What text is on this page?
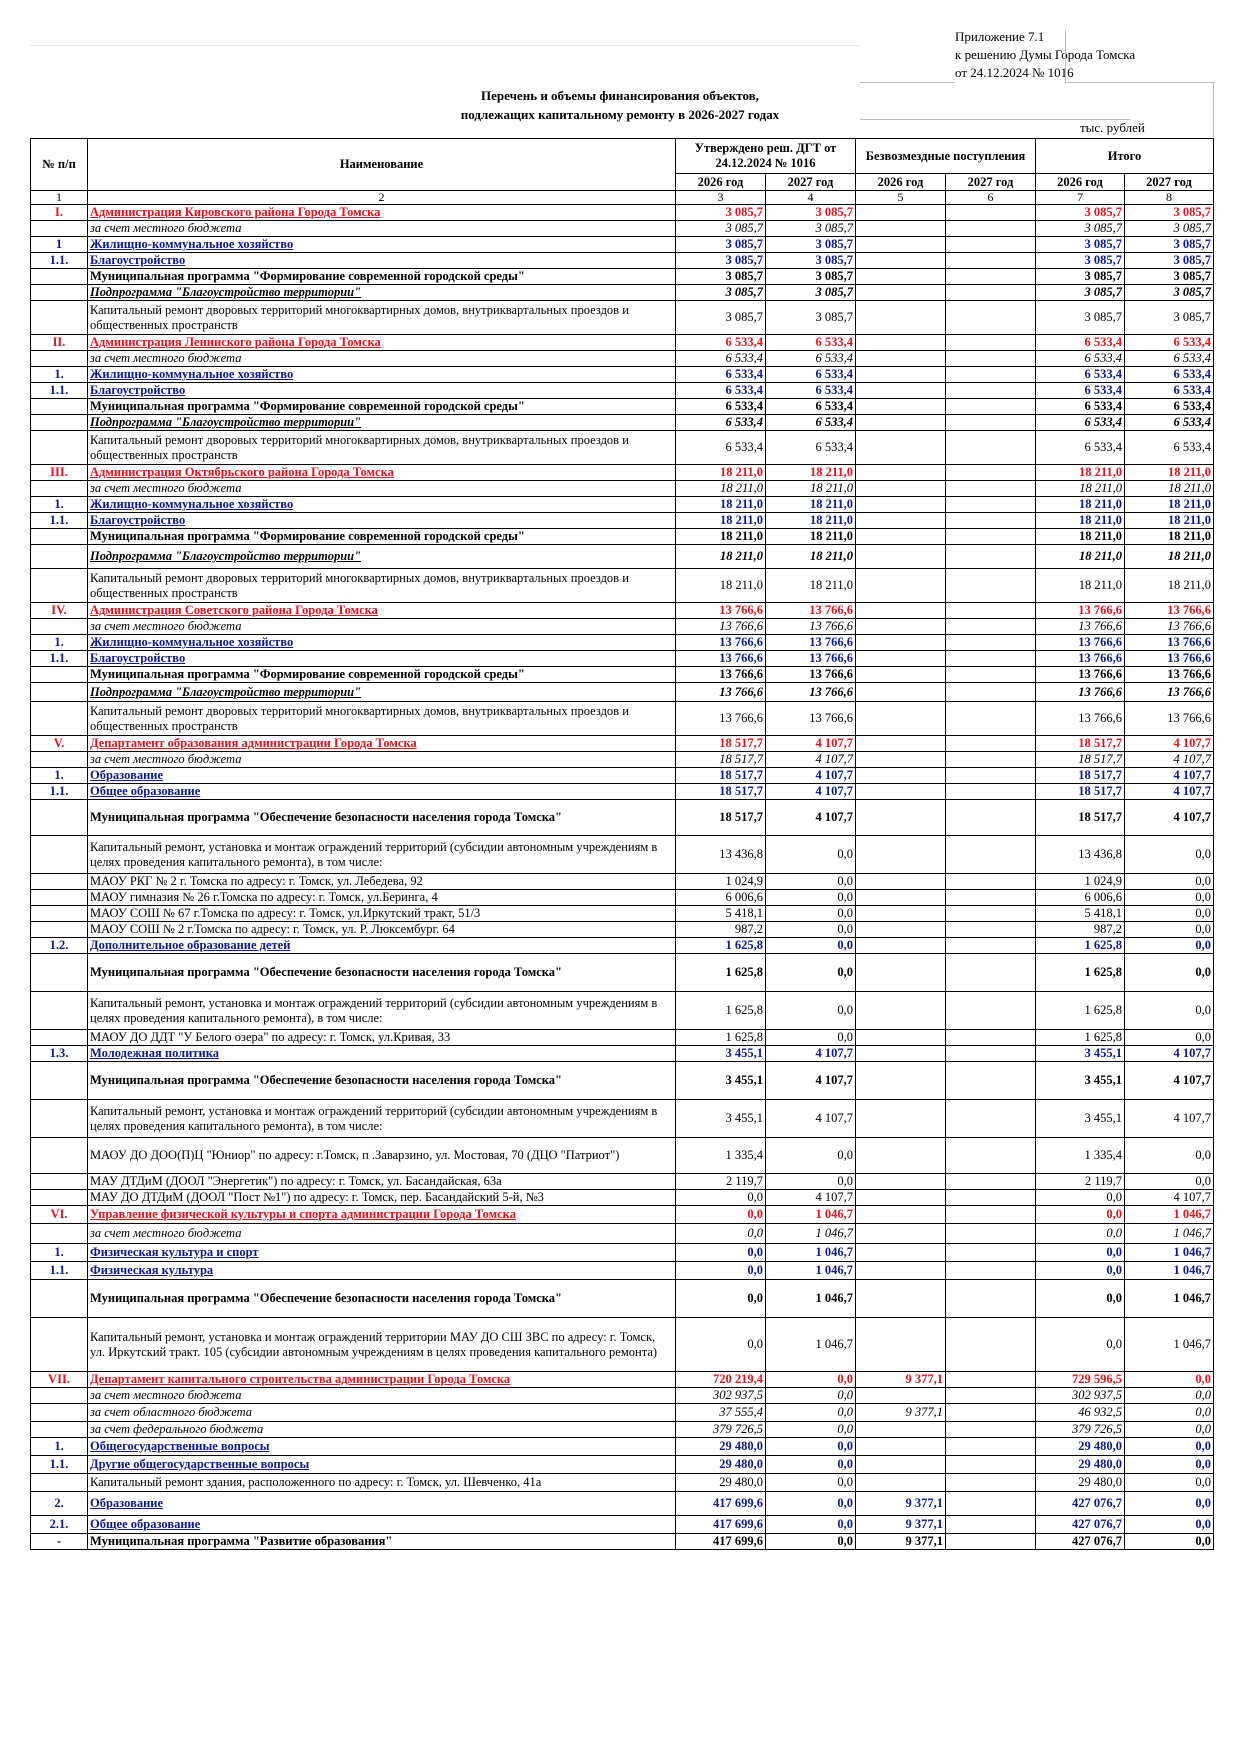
Приложение 7.1
к решению Думы Города Томска
от 24.12.2024 № 1016
Перечень и объемы финансирования объектов,
подлежащих капитальному ремонту в 2026-2027 годах
тыс. рублей
№ п/п	Наименование	Утверждено реш. ДГТ от 24.12.2024 № 1016		Безвозмездные поступления		Итого	
		2026 год	2027 год	2026 год	2027 год	2026 год	2027 год
1	2	3	4	5	6	7	8
I.	Администрация Кировского района Города Томска	3 085,7	3 085,7			3 085,7	3 085,7
	за счет местного бюджета	3 085,7	3 085,7			3 085,7	3 085,7
1	Жилищно-коммунальное хозяйство	3 085,7	3 085,7			3 085,7	3 085,7
1.1.	Благоустройство	3 085,7	3 085,7			3 085,7	3 085,7
	Муниципальная программа "Формирование современной городской среды"	3 085,7	3 085,7			3 085,7	3 085,7
	Подпрограмма "Благоустройство территории"	3 085,7	3 085,7			3 085,7	3 085,7
	Капитальный ремонт дворовых территорий многоквартирных домов, внутриквартальных проездов и общественных пространств	3 085,7	3 085,7			3 085,7	3 085,7
II.	Администрация Ленинского района Города Томска	6 533,4	6 533,4			6 533,4	6 533,4
	за счет местного бюджета	6 533,4	6 533,4			6 533,4	6 533,4
1.	Жилищно-коммунальное хозяйство	6 533,4	6 533,4			6 533,4	6 533,4
1.1.	Благоустройство	6 533,4	6 533,4			6 533,4	6 533,4
	Муниципальная программа "Формирование современной городской среды"	6 533,4	6 533,4			6 533,4	6 533,4
	Подпрограмма "Благоустройство территории"	6 533,4	6 533,4			6 533,4	6 533,4
	Капитальный ремонт дворовых территорий многоквартирных домов, внутриквартальных проездов и общественных пространств	6 533,4	6 533,4			6 533,4	6 533,4
III.	Администрация Октябрьского района Города Томска	18 211,0	18 211,0			18 211,0	18 211,0
	за счет местного бюджета	18 211,0	18 211,0			18 211,0	18 211,0
1.	Жилищно-коммунальное хозяйство	18 211,0	18 211,0			18 211,0	18 211,0
1.1.	Благоустройство	18 211,0	18 211,0			18 211,0	18 211,0
	Муниципальная программа "Формирование современной городской среды"	18 211,0	18 211,0			18 211,0	18 211,0
	Подпрограмма "Благоустройство территории"	18 211,0	18 211,0			18 211,0	18 211,0
	Капитальный ремонт дворовых территорий многоквартирных домов, внутриквартальных проездов и общественных пространств	18 211,0	18 211,0			18 211,0	18 211,0
IV.	Администрация Советского района Города Томска	13 766,6	13 766,6			13 766,6	13 766,6
	за счет местного бюджета	13 766,6	13 766,6			13 766,6	13 766,6
1.	Жилищно-коммунальное хозяйство	13 766,6	13 766,6			13 766,6	13 766,6
1.1.	Благоустройство	13 766,6	13 766,6			13 766,6	13 766,6
	Муниципальная программа "Формирование современной городской среды"	13 766,6	13 766,6			13 766,6	13 766,6
	Подпрограмма "Благоустройство территории"	13 766,6	13 766,6			13 766,6	13 766,6
	Капитальный ремонт дворовых территорий многоквартирных домов, внутриквартальных проездов и общественных пространств	13 766,6	13 766,6			13 766,6	13 766,6
V.	Департамент образования администрации Города Томска	18 517,7	4 107,7			18 517,7	4 107,7
	за счет местного бюджета	18 517,7	4 107,7			18 517,7	4 107,7
1.	Образование	18 517,7	4 107,7			18 517,7	4 107,7
1.1.	Общее образование	18 517,7	4 107,7			18 517,7	4 107,7
	Муниципальная программа "Обеспечение безопасности населения города Томска"	18 517,7	4 107,7			18 517,7	4 107,7
	Капитальный ремонт, установка и монтаж ограждений территорий (субсидии автономным учреждениям в целях проведения капитального ремонта), в том числе:	13 436,8	0,0			13 436,8	0,0
	МАОУ РКГ № 2 г. Томска по адресу: г. Томск, ул. Лебедева, 92	1 024,9	0,0			1 024,9	0,0
	МАОУ гимназия № 26 г.Томска по адресу: г. Томск, ул.Беринга, 4	6 006,6	0,0			6 006,6	0,0
	МАОУ СОШ № 67 г.Томска по адресу: г. Томск, ул.Иркутский тракт, 51/3	5 418,1	0,0			5 418,1	0,0
	МАОУ СОШ № 2 г.Томска по адресу: г. Томск, ул. Р. Люксембург. 64	987,2	0,0			987,2	0,0
1.2.	Дополнительное образование детей	1 625,8	0,0			1 625,8	0,0
	Муниципальная программа "Обеспечение безопасности населения города Томска"	1 625,8	0,0			1 625,8	0,0
	Капитальный ремонт, установка и монтаж ограждений территорий (субсидии автономным учреждениям в целях проведения капитального ремонта), в том числе:	1 625,8	0,0			1 625,8	0,0
	МАОУ ДО ДДТ "У Белого озера" по адресу: г. Томск, ул.Кривая, 33	1 625,8	0,0			1 625,8	0,0
1.3.	Молодежная политика	3 455,1	4 107,7			3 455,1	4 107,7
	Муниципальная программа "Обеспечение безопасности населения города Томска"	3 455,1	4 107,7			3 455,1	4 107,7
	Капитальный ремонт, установка и монтаж ограждений территорий (субсидии автономным учреждениям в целях проведения капитального ремонта), в том числе:	3 455,1	4 107,7			3 455,1	4 107,7
	МАОУ ДО ДОО(П)Ц "Юниор" по адресу: г.Томск, п .Заварзино, ул. Мостовая, 70 (ДЦО "Патриот")	1 335,4	0,0			1 335,4	0,0
	МАУ ДТДиМ (ДООЛ "Энергетик") по адресу: г. Томск, ул. Басандайская, 63а	2 119,7	0,0			2 119,7	0,0
	МАУ ДО ДТДиМ (ДООЛ "Пост №1") по адресу: г. Томск, пер. Басандайский 5-й, №3	0,0	4 107,7			0,0	4 107,7
VI.	Управление физической культуры и спорта администрации Города Томска	0,0	1 046,7			0,0	1 046,7
	за счет местного бюджета	0,0	1 046,7			0,0	1 046,7
1.	Физическая культура и спорт	0,0	1 046,7			0,0	1 046,7
1.1.	Физическая культура	0,0	1 046,7			0,0	1 046,7
	Муниципальная программа "Обеспечение безопасности населения города Томска"	0,0	1 046,7			0,0	1 046,7
	Капитальный ремонт, установка и монтаж ограждений территории МАУ ДО СШ ЗВС по адресу: г. Томск, ул. Иркутский тракт. 105 (субсидии автономным учреждениям в целях проведения капитального ремонта)	0,0	1 046,7			0,0	1 046,7
VII.	Департамент капитального строительства администрации Города Томска	720 219,4	0,0	9 377,1		729 596,5	0,0
	за счет местного бюджета	302 937,5	0,0			302 937,5	0,0
	за счет областного бюджета	37 555,4	0,0	9 377,1		46 932,5	0,0
	за счет федерального бюджета	379 726,5	0,0			379 726,5	0,0
1.	Общегосударственные вопросы	29 480,0	0,0			29 480,0	0,0
1.1.	Другие общегосударственные вопросы	29 480,0	0,0			29 480,0	0,0
	Капитальный ремонт здания, расположенного по адресу: г. Томск, ул. Шевченко, 41а	29 480,0	0,0			29 480,0	0,0
2.	Образование	417 699,6	0,0	9 377,1		427 076,7	0,0
2.1.	Общее образование	417 699,6	0,0	9 377,1		427 076,7	0,0
-	Муниципальная программа "Развитие образования"	417 699,6	0,0	9 377,1		427 076,7	0,0
